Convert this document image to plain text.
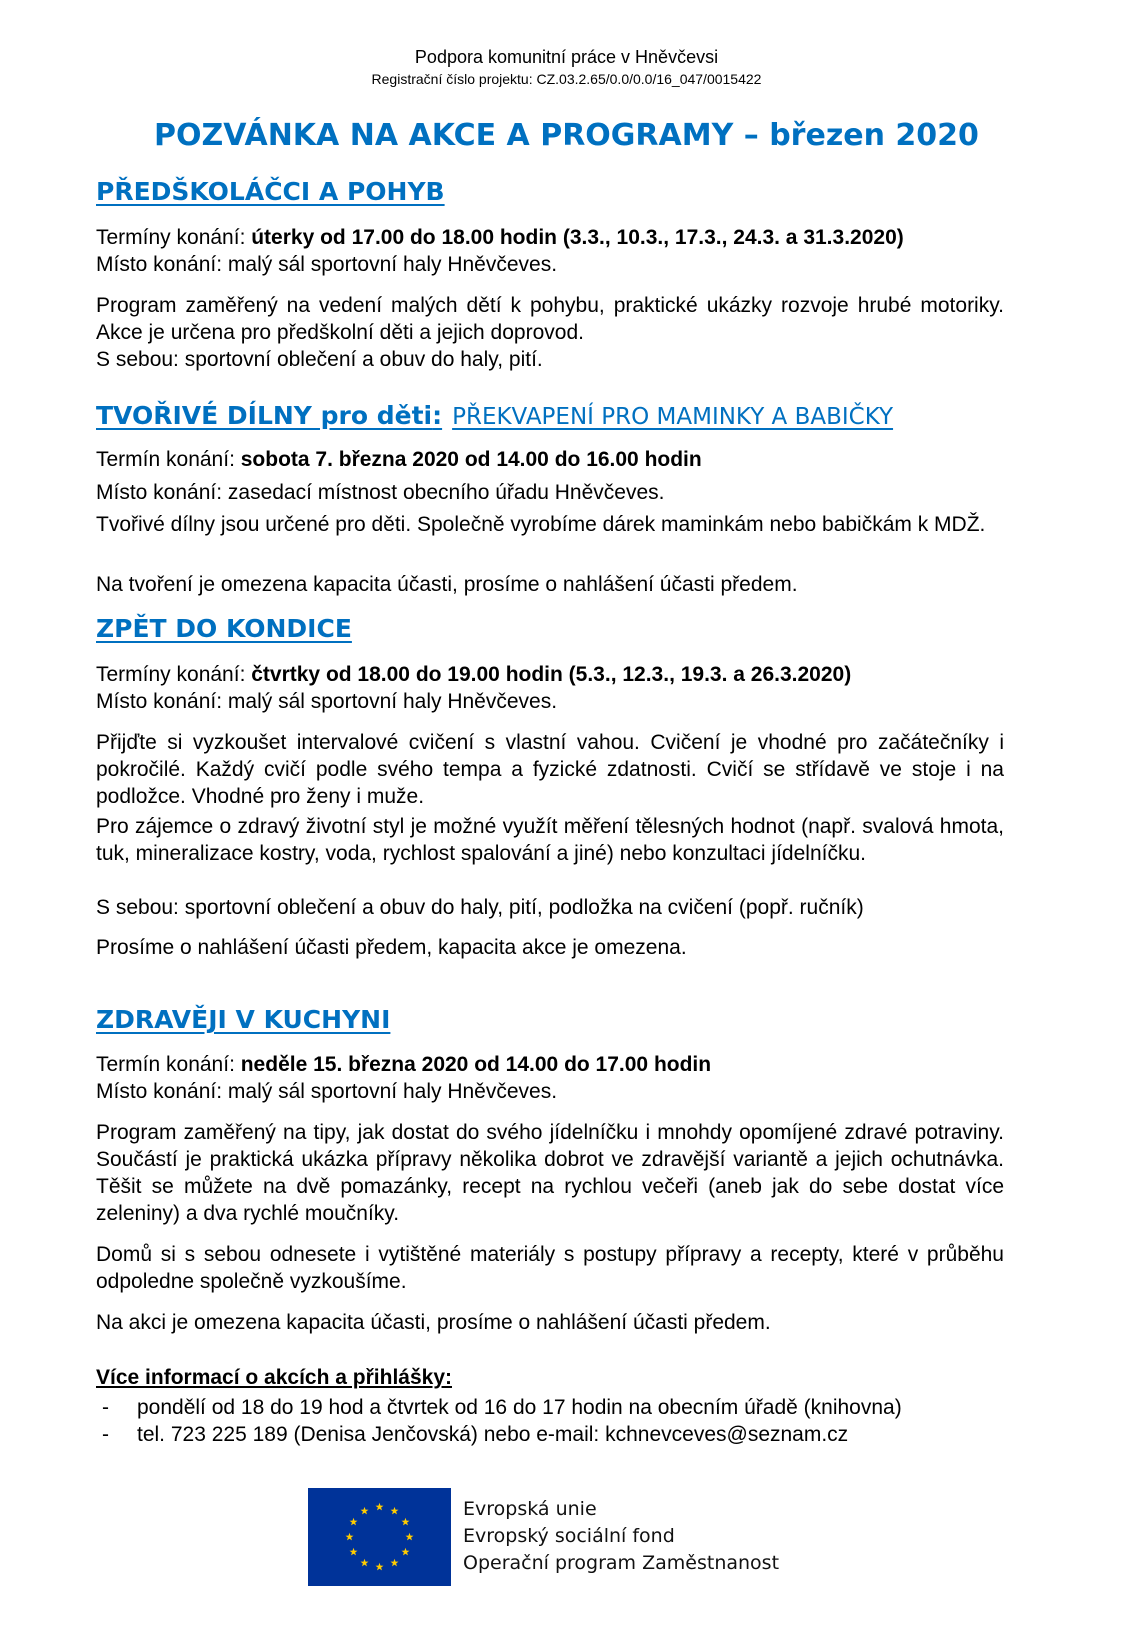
Podpora komunitní práce v Hněvčevsi
Registrační číslo projektu: CZ.03.2.65/0.0/0.0/16_047/0015422
POZVÁNKA NA AKCE A PROGRAMY – březen 2020
PŘEDŠKOLÁČCI A POHYB

Termíny konání: úterky od 17.00 do 18.00 hodin (3.3., 10.3., 17.3., 24.3. a 31.3.2020)

Místo konání: malý sál sportovní haly Hněvčeves.

Program zaměřený na vedení malých dětí k pohybu, praktické ukázky rozvoje hrubé motoriky. Akce je určena pro předškolní děti a jejich doprovod.

S sebou: sportovní oblečení a obuv do haly, pití.

TVOŘIVÉ DÍLNY pro děti: PŘEKVAPENÍ PRO MAMINKY A BABIČKY

Termín konání: sobota 7. března 2020 od 14.00 do 16.00 hodin

Místo konání: zasedací místnost obecního úřadu Hněvčeves.

Tvořivé dílny jsou určené pro děti. Společně vyrobíme dárek maminkám nebo babičkám k MDŽ.

Na tvoření je omezena kapacita účasti, prosíme o nahlášení účasti předem.

ZPĚT DO KONDICE

Termíny konání: čtvrtky od 18.00 do 19.00 hodin (5.3., 12.3., 19.3. a 26.3.2020)

Místo konání: malý sál sportovní haly Hněvčeves.

Přijďte si vyzkoušet intervalové cvičení s vlastní vahou. Cvičení je vhodné pro začátečníky i pokročilé. Každý cvičí podle svého tempa a fyzické zdatnosti. Cvičí se střídavě ve stoje i na podložce. Vhodné pro ženy i muže.

Pro zájemce o zdravý životní styl je možné využít měření tělesných hodnot (např. svalová hmota, tuk, mineralizace kostry, voda, rychlost spalování a jiné) nebo konzultaci jídelníčku.

S sebou: sportovní oblečení a obuv do haly, pití, podložka na cvičení (popř. ručník)

Prosíme o nahlášení účasti předem, kapacita akce je omezena.

ZDRAVĚJI V KUCHYNI

Termín konání: neděle 15. března 2020 od 14.00 do 17.00 hodin

Místo konání: malý sál sportovní haly Hněvčeves.

Program zaměřený na tipy, jak dostat do svého jídelníčku i mnohdy opomíjené zdravé potraviny. Součástí je praktická ukázka přípravy několika dobrot ve zdravější variantě a jejich ochutnávka. Těšit se můžete na dvě pomazánky, recept na rychlou večeři (aneb jak do sebe dostat více zeleniny) a dva rychlé moučníky.

Domů si s sebou odnesete i vytištěné materiály s postupy přípravy a recepty, které v průběhu odpoledne společně vyzkoušíme.

Na akci je omezena kapacita účasti, prosíme o nahlášení účasti předem.

Více informací o akcích a přihlášky:

- pondělí od 18 do 19 hod a čtvrtek od 16 do 17 hodin na obecním úřadě (knihovna)
- tel. 723 225 189 (Denisa Jenčovská) nebo e-mail: kchnevceves@seznam.cz
Evropská unie
Evropský sociální fond
Operační program Zaměstnanost
